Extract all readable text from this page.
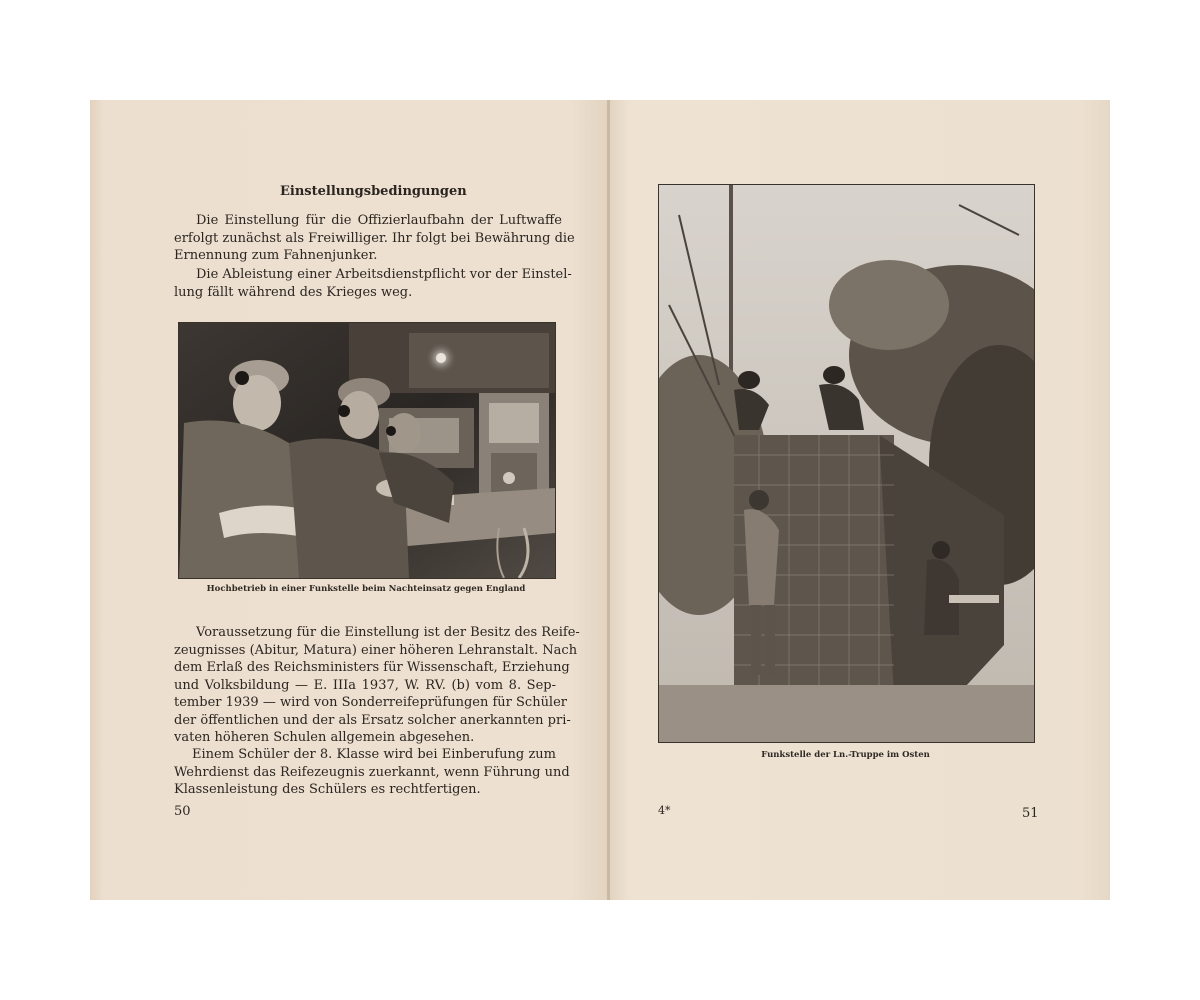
Einstellungsbedingungen
Die Einstellung für die Offizierlaufbahn der Luftwaffe
erfolgt zunächst als Freiwilliger. Ihr folgt bei Bewährung die
Ernennung zum Fahnenjunker.
Die Ableistung einer Arbeitsdienstpflicht vor der Einstel-
lung fällt während des Krieges weg.
Hochbetrieb in einer Funkstelle beim Nachteinsatz gegen England
Voraussetzung für die Einstellung ist der Besitz des Reife-
zeugnisses (Abitur, Matura) einer höheren Lehranstalt. Nach
dem Erlaß des Reichsministers für Wissenschaft, Erziehung
und Volksbildung — E. IIIa 1937, W. RV. (b) vom 8. Sep-
tember 1939 — wird von Sonderreifeprüfungen für Schüler
der öffentlichen und der als Ersatz solcher anerkannten pri-
vaten höheren Schulen allgemein abgesehen.
Einem Schüler der 8. Klasse wird bei Einberufung zum
Wehrdienst das Reifezeugnis zuerkannt, wenn Führung und
Klassenleistung des Schülers es rechtfertigen.
50
Funkstelle der Ln.-Truppe im Osten
4*	51
